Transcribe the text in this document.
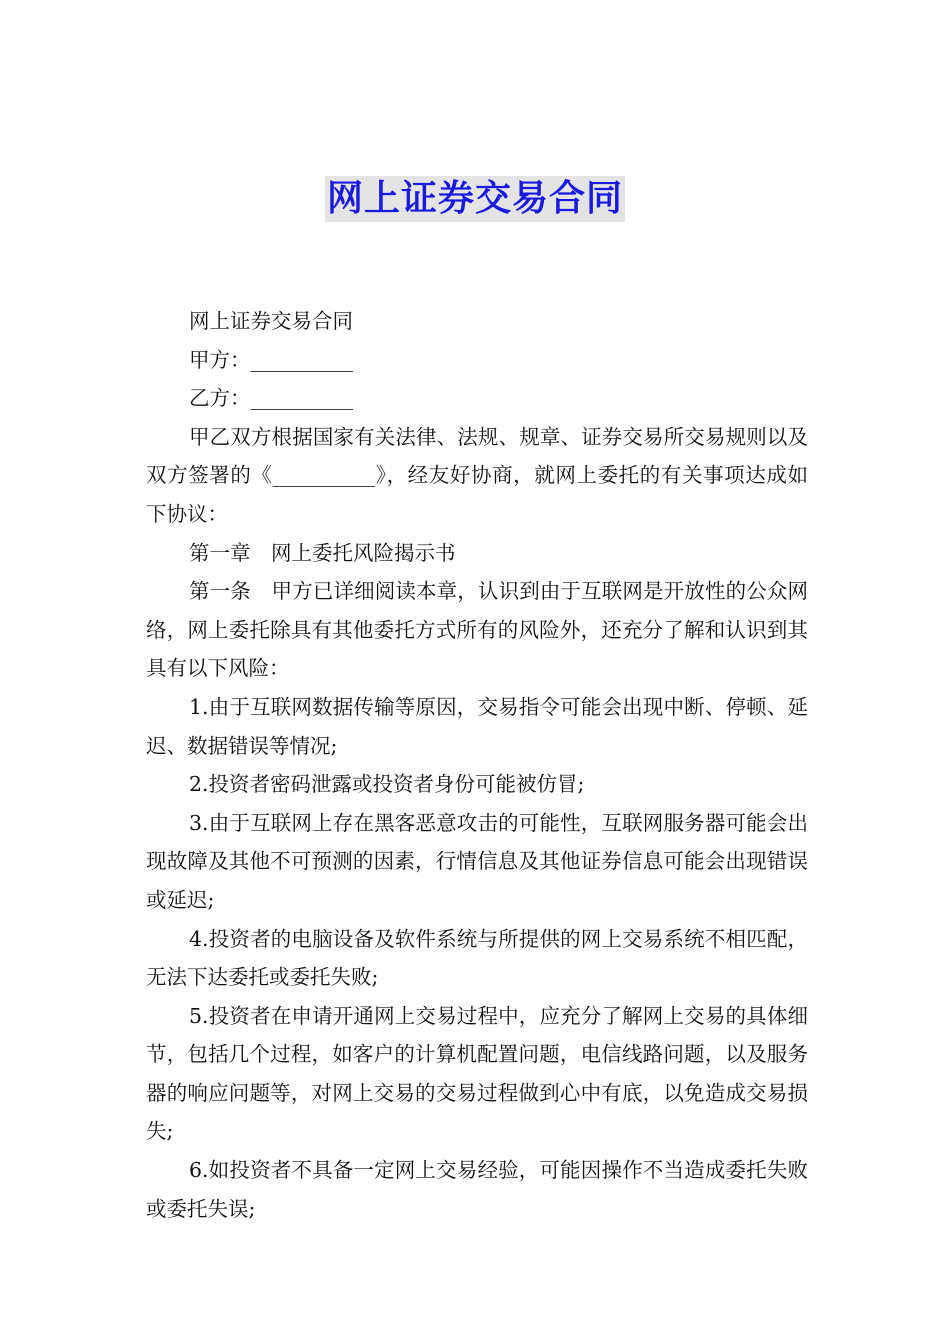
网上证券交易合同

网上证券交易合同

甲方：__________

乙方：__________

甲乙双方根据国家有关法律、法规、规章、证券交易所交易规则以及双方签署的《__________》，经友好协商，就网上委托的有关事项达成如下协议：

第一章　网上委托风险揭示书

第一条　甲方已详细阅读本章，认识到由于互联网是开放性的公众网络，网上委托除具有其他委托方式所有的风险外，还充分了解和认识到其具有以下风险：

1.由于互联网数据传输等原因，交易指令可能会出现中断、停顿、延迟、数据错误等情况;

2.投资者密码泄露或投资者身份可能被仿冒;

3.由于互联网上存在黑客恶意攻击的可能性，互联网服务器可能会出现故障及其他不可预测的因素，行情信息及其他证券信息可能会出现错误或延迟;

4.投资者的电脑设备及软件系统与所提供的网上交易系统不相匹配，无法下达委托或委托失败;

5.投资者在申请开通网上交易过程中，应充分了解网上交易的具体细节，包括几个过程，如客户的计算机配置问题，电信线路问题，以及服务器的响应问题等，对网上交易的交易过程做到心中有底，以免造成交易损失;

6.如投资者不具备一定网上交易经验，可能因操作不当造成委托失败或委托失误;
